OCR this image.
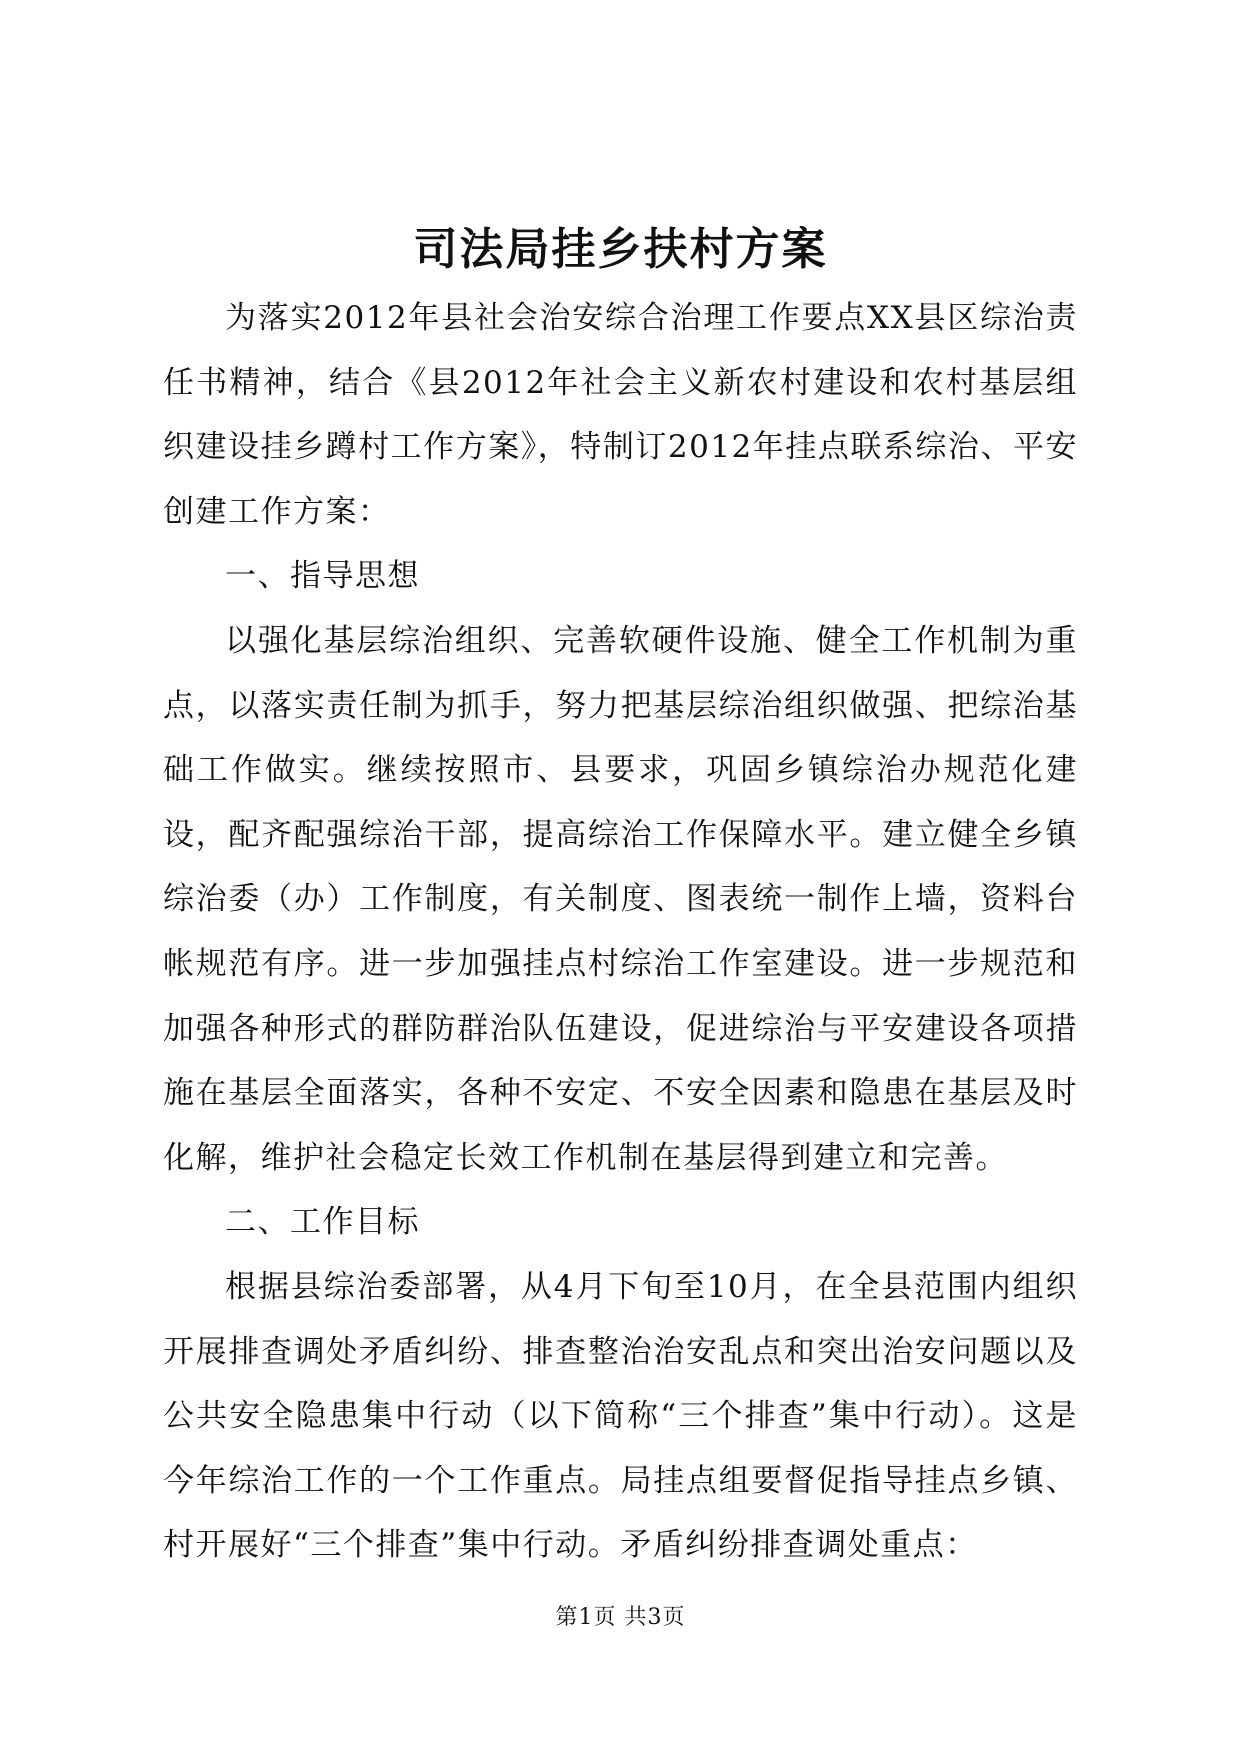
司法局挂乡扶村方案

为落实2012年县社会治安综合治理工作要点XX县区综治责任书精神，结合《县2012年社会主义新农村建设和农村基层组织建设挂乡蹲村工作方案》，特制订2012年挂点联系综治、平安创建工作方案：

一、指导思想

以强化基层综治组织、完善软硬件设施、健全工作机制为重点，以落实责任制为抓手，努力把基层综治组织做强、把综治基础工作做实。继续按照市、县要求，巩固乡镇综治办规范化建设，配齐配强综治干部，提高综治工作保障水平。建立健全乡镇综治委（办）工作制度，有关制度、图表统一制作上墙，资料台帐规范有序。进一步加强挂点村综治工作室建设。进一步规范和加强各种形式的群防群治队伍建设，促进综治与平安建设各项措施在基层全面落实，各种不安定、不安全因素和隐患在基层及时化解，维护社会稳定长效工作机制在基层得到建立和完善。

二、工作目标

根据县综治委部署，从4月下旬至10月，在全县范围内组织开展排查调处矛盾纠纷、排查整治治安乱点和突出治安问题以及公共安全隐患集中行动（以下简称“三个排查”集中行动）。这是今年综治工作的一个工作重点。局挂点组要督促指导挂点乡镇、村开展好“三个排查”集中行动。矛盾纠纷排查调处重点：

第1页 共3页
